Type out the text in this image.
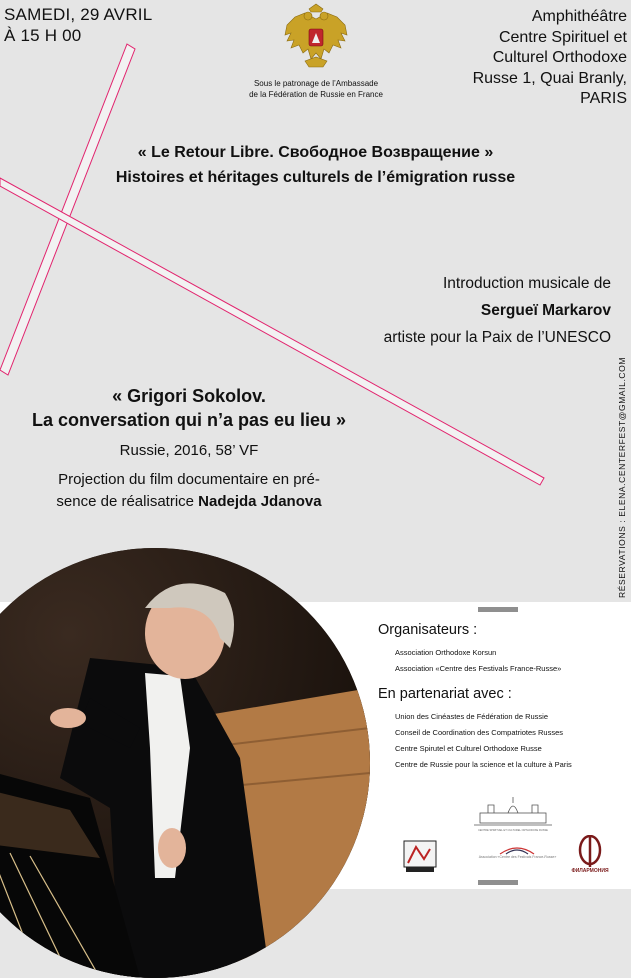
SAMEDI, 29 AVRIL
À 15 H 00
Amphithéâtre
Centre Spirituel et
Culturel Orthodoxe
Russe 1, Quai Branly,
PARIS
Sous le patronage de l’Ambassade
de la Fédération de Russie en France
« Le Retour Libre. Свободное Возвращение »
Histoires et héritages culturels de l’émigration russe
Introduction musicale de
Sergueï Markarov
artiste pour la Paix de l’UNESCO
« Grigori Sokolov.
La conversation qui n’a pas eu lieu »
Russie, 2016, 58’ VF
Projection du film documentaire en pré-
sence de réalisatrice Nadejda Jdanova	RÉSERVATIONS : ELENA.CENTERFEST@GMAIL.COM
Organisateurs :
Association Orthodoxe Korsun
Association «Centre des Festivals France-Russe»
En partenariat avec :
Union des Cinéastes de Fédération de Russie
Conseil de Coordination des Compatriotes Russes
Centre Spirutel et Culturel Orthodoxe Russe
Centre de Russie pour la science et la culture à Paris
CENTRE SPIRITUEL ET CULTUREL ORTHODOXE RUSSE
Association «Centre des Festivals France-Russe»
ФИЛАРМОНИЯ
